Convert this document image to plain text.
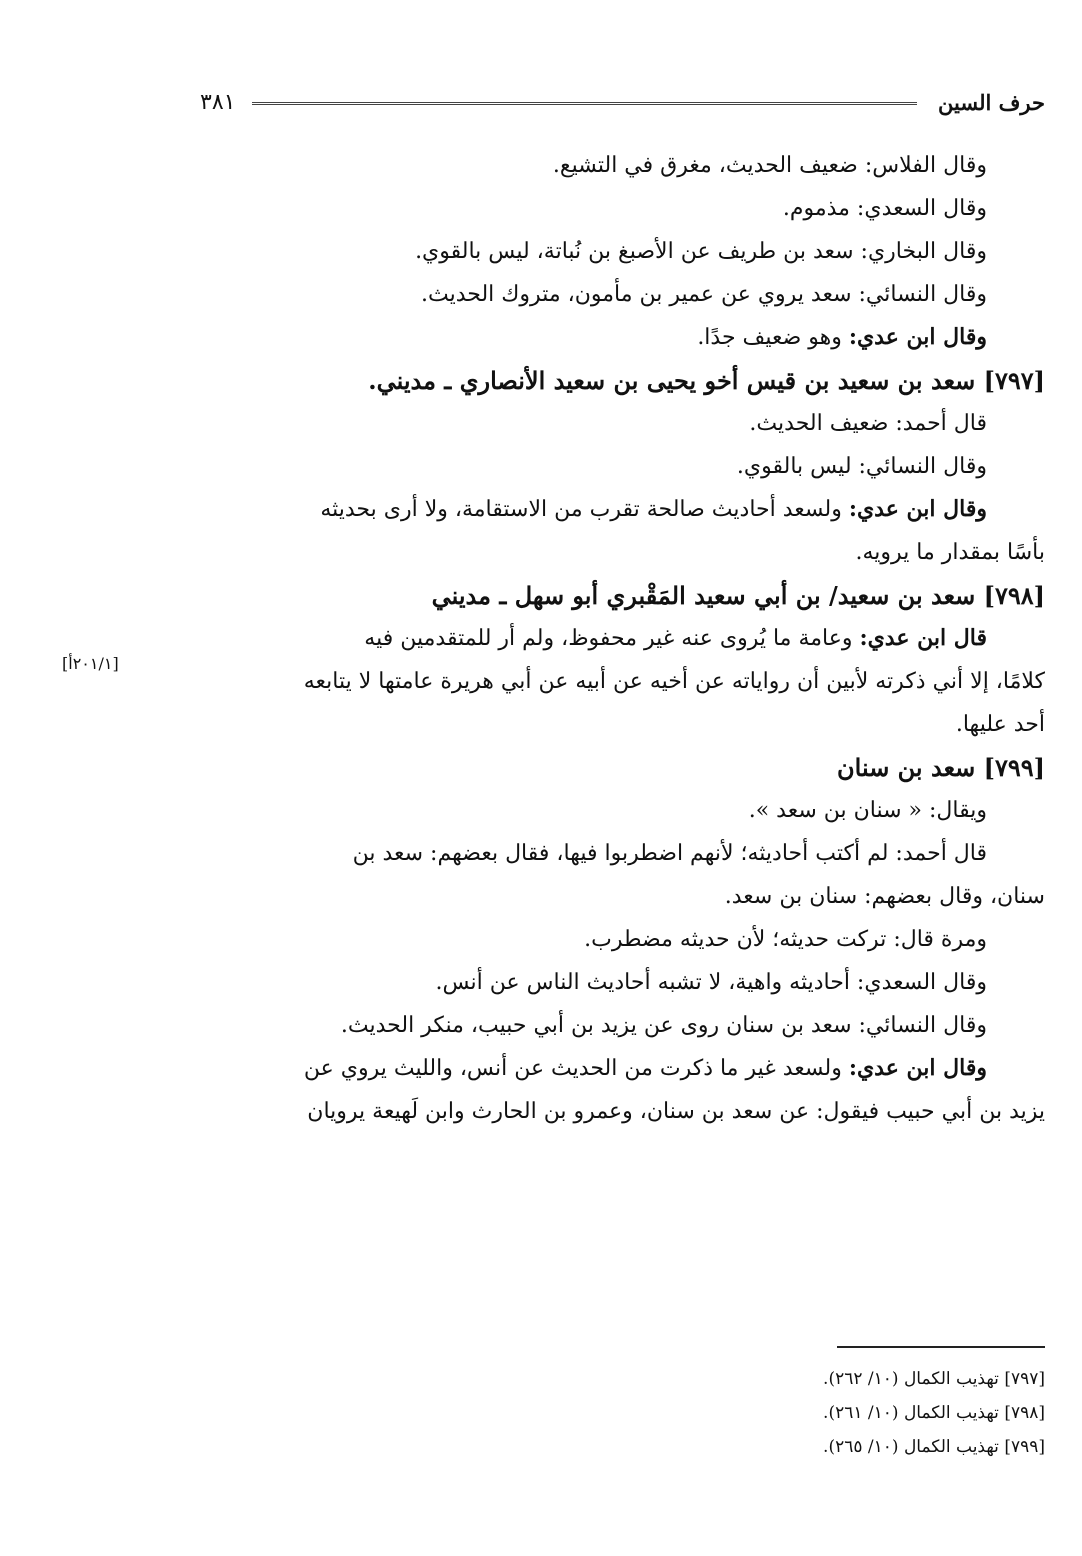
حرف السين
٣٨١
[٢٠١/١أ]
وقال الفلاس: ضعيف الحديث، مغرق في التشيع.
وقال السعدي: مذموم.
وقال البخاري: سعد بن طريف عن الأصبغ بن نُباتة، ليس بالقوي.
وقال النسائي: سعد يروي عن عمير بن مأمون، متروك الحديث.
وقال ابن عدي: وهو ضعيف جدًا.
[٧٩٧] سعد بن سعيد بن قيس أخو يحيى بن سعيد الأنصاري ـ مديني.
قال أحمد: ضعيف الحديث.
وقال النسائي: ليس بالقوي.
وقال ابن عدي: ولسعد أحاديث صالحة تقرب من الاستقامة، ولا أرى بحديثه
بأسًا بمقدار ما يرويه.
[٧٩٨] سعد بن سعيد/ بن أبي سعيد المَقْبري أبو سهل ـ مديني
قال ابن عدي: وعامة ما يُروى عنه غير محفوظ، ولم أر للمتقدمين فيه
كلامًا، إلا أني ذكرته لأبين أن رواياته عن أخيه عن أبيه عن أبي هريرة عامتها لا يتابعه
أحد عليها.
[٧٩٩] سعد بن سنان
ويقال: « سنان بن سعد ».
قال أحمد: لم أكتب أحاديثه؛ لأنهم اضطربوا فيها، فقال بعضهم: سعد بن
سنان، وقال بعضهم: سنان بن سعد.
ومرة قال: تركت حديثه؛ لأن حديثه مضطرب.
وقال السعدي: أحاديثه واهية، لا تشبه أحاديث الناس عن أنس.
وقال النسائي: سعد بن سنان روى عن يزيد بن أبي حبيب، منكر الحديث.
وقال ابن عدي: ولسعد غير ما ذكرت من الحديث عن أنس، والليث يروي عن
يزيد بن أبي حبيب فيقول: عن سعد بن سنان، وعمرو بن الحارث وابن لَهيعة يرويان
[٧٩٧] تهذيب الكمال (١٠/ ٢٦٢).
[٧٩٨] تهذيب الكمال (١٠/ ٢٦١).
[٧٩٩] تهذيب الكمال (١٠/ ٢٦٥).
